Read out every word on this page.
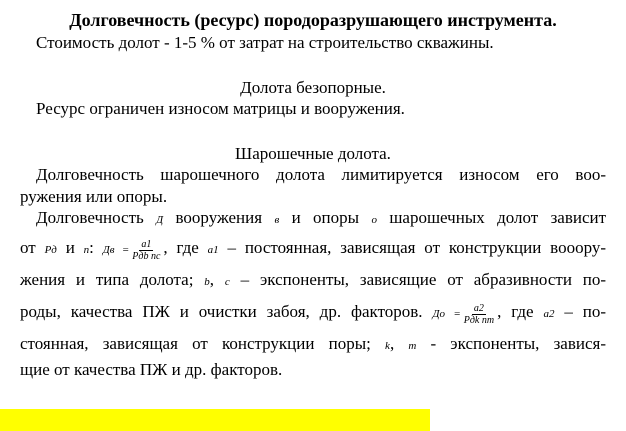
Долговечность (ресурс) породоразрушающего инструмента.
Стоимость долот - 1-5 % от затрат на строительство скважины.
Долота безопорные.
Ресурс ограничен износом матрицы и вооружения.
Шарошечные долота.
Долговечность шарошечного долота лимитируется износом его воо-
ружения или опоры.
Долговечность Д вооружения в и опоры о шарошечных долот зависит
от Pд и n: Дв = $\frac{a1}{\text{Pдb nc}}$ , где a1 – постоянная, зависящая от конструкции вооору-
жения и типа долота; b, c – экспоненты, зависящие от абразивности по-
роды, качества ПЖ и очистки забоя, др. факторов. До = $\frac{a2}{\text{Pдk nm}}$ , где a2 – по-
стоянная, зависящая от конструкции поры; k, m - экспоненты, завися-
щие от качества ПЖ и др. факторов.
